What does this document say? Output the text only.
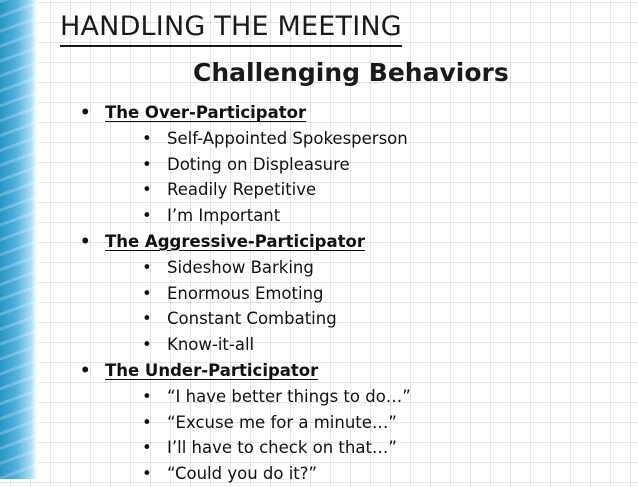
HANDLING THE MEETING
Challenging Behaviors
• The Over-Participator
• Self-Appointed Spokesperson
• Doting on Displeasure
• Readily Repetitive
• I’m Important
• The Aggressive-Participator
• Sideshow Barking
• Enormous Emoting
• Constant Combating
• Know-it-all
• The Under-Participator
• “I have better things to do…”
• “Excuse me for a minute…”
• I’ll have to check on that…”
• “Could you do it?”
